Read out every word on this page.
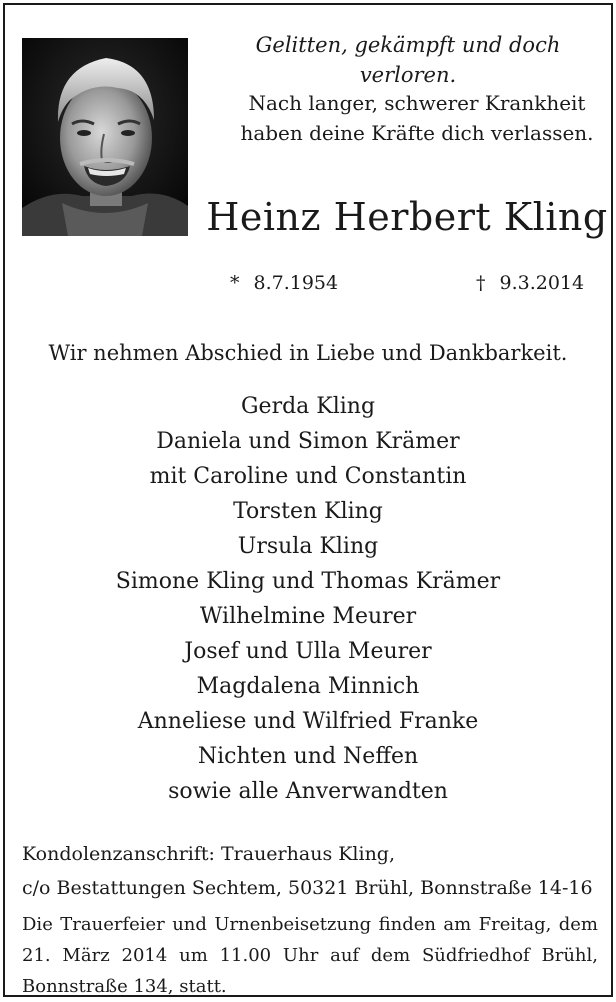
Gelitten, gekämpft und doch verloren.

Nach langer, schwerer Krankheit
haben deine Kräfte dich verlassen.

Heinz Herbert Kling
* 8.7.1954	† 9.3.2014
Wir nehmen Abschied in Liebe und Dankbarkeit.
Gerda Kling
Daniela und Simon Krämer
mit Caroline und Constantin
Torsten Kling
Ursula Kling
Simone Kling und Thomas Krämer
Wilhelmine Meurer
Josef und Ulla Meurer
Magdalena Minnich
Anneliese und Wilfried Franke
Nichten und Neffen
sowie alle Anverwandten
Kondolenzanschrift: Trauerhaus Kling,
c/o Bestattungen Sechtem, 50321 Brühl, Bonnstraße 14-16

Die Trauerfeier und Urnenbeisetzung finden am Freitag, dem 21. März 2014 um 11.00 Uhr auf dem Südfriedhof Brühl, Bonnstraße 134, statt.
